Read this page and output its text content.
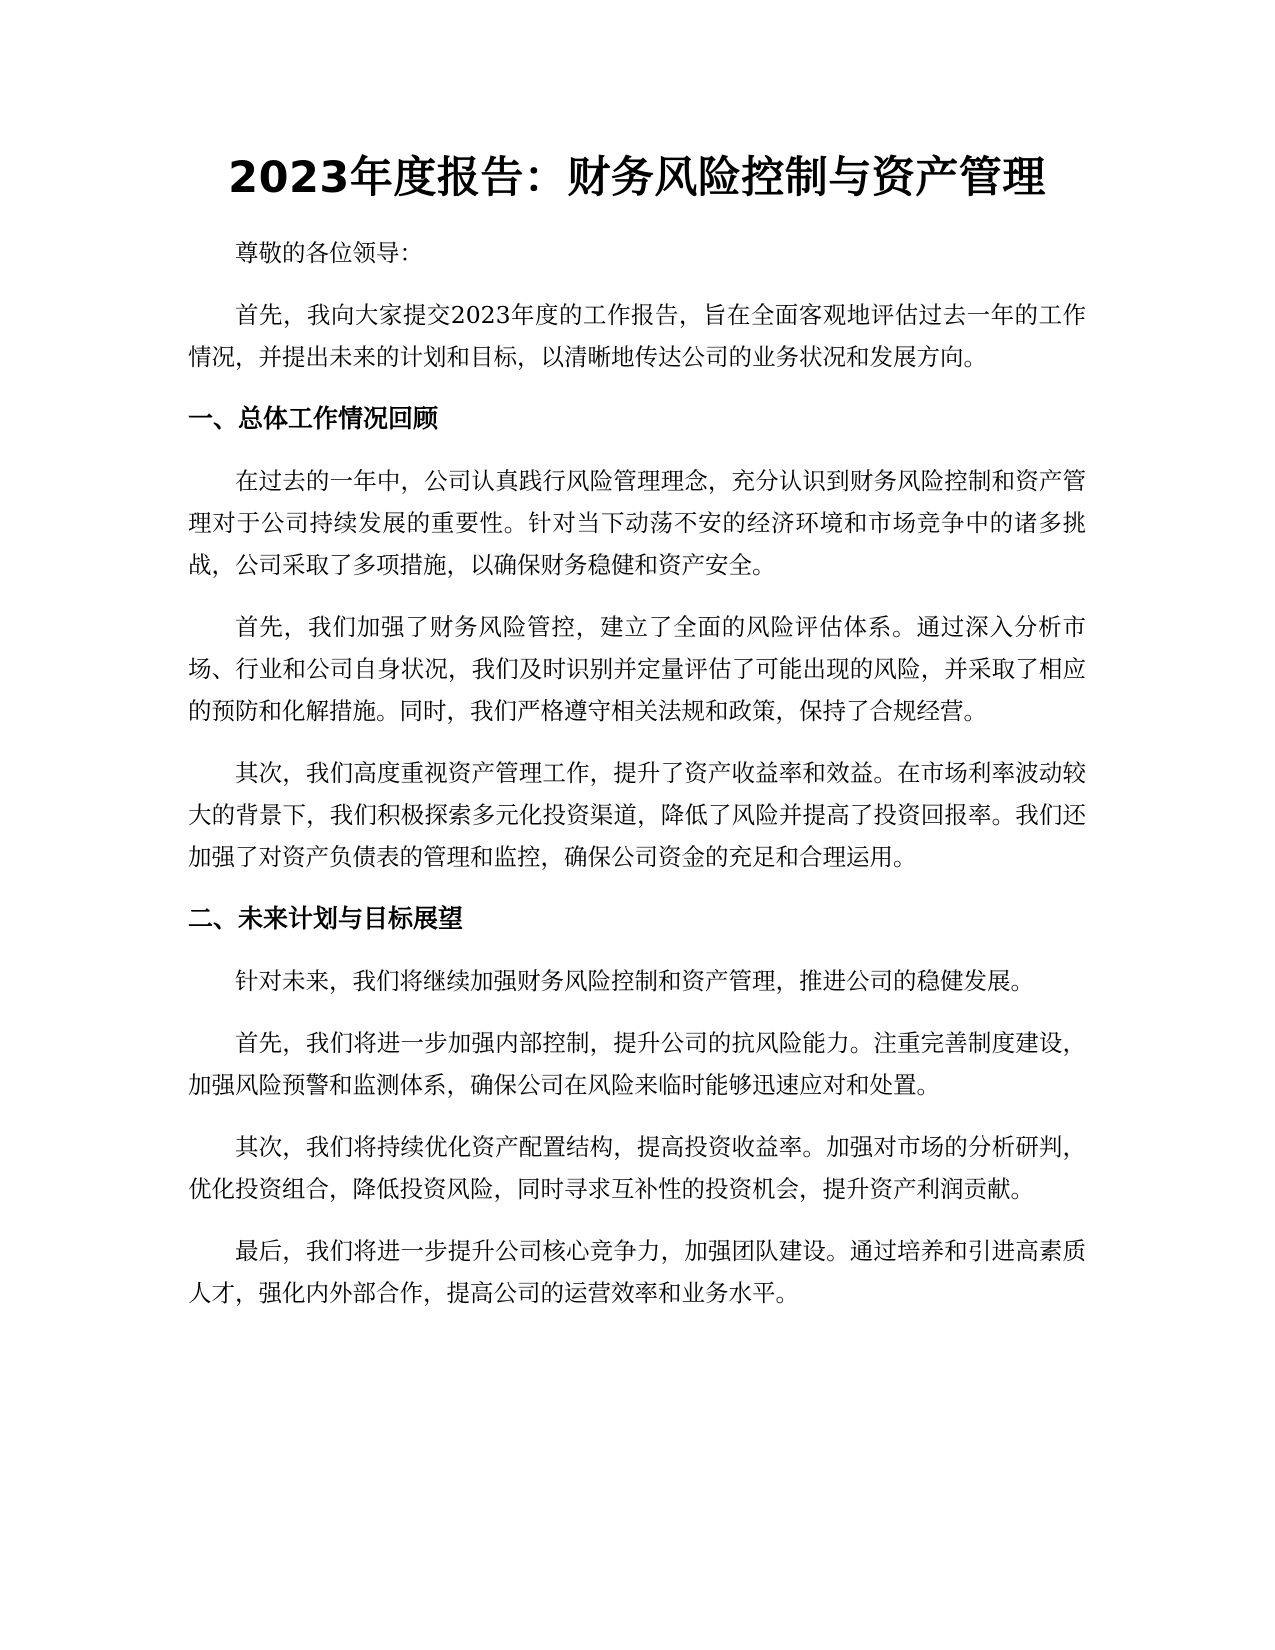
2023年度报告：财务风险控制与资产管理

尊敬的各位领导：

首先，我向大家提交2023年度的工作报告，旨在全面客观地评估过去一年的工作情况，并提出未来的计划和目标，以清晰地传达公司的业务状况和发展方向。

一、总体工作情况回顾

在过去的一年中，公司认真践行风险管理理念，充分认识到财务风险控制和资产管理对于公司持续发展的重要性。针对当下动荡不安的经济环境和市场竞争中的诸多挑战，公司采取了多项措施，以确保财务稳健和资产安全。

首先，我们加强了财务风险管控，建立了全面的风险评估体系。通过深入分析市场、行业和公司自身状况，我们及时识别并定量评估了可能出现的风险，并采取了相应的预防和化解措施。同时，我们严格遵守相关法规和政策，保持了合规经营。

其次，我们高度重视资产管理工作，提升了资产收益率和效益。在市场利率波动较大的背景下，我们积极探索多元化投资渠道，降低了风险并提高了投资回报率。我们还加强了对资产负债表的管理和监控，确保公司资金的充足和合理运用。

二、未来计划与目标展望

针对未来，我们将继续加强财务风险控制和资产管理，推进公司的稳健发展。

首先，我们将进一步加强内部控制，提升公司的抗风险能力。注重完善制度建设，加强风险预警和监测体系，确保公司在风险来临时能够迅速应对和处置。

其次，我们将持续优化资产配置结构，提高投资收益率。加强对市场的分析研判，优化投资组合，降低投资风险，同时寻求互补性的投资机会，提升资产利润贡献。

最后，我们将进一步提升公司核心竞争力，加强团队建设。通过培养和引进高素质人才，强化内外部合作，提高公司的运营效率和业务水平。
